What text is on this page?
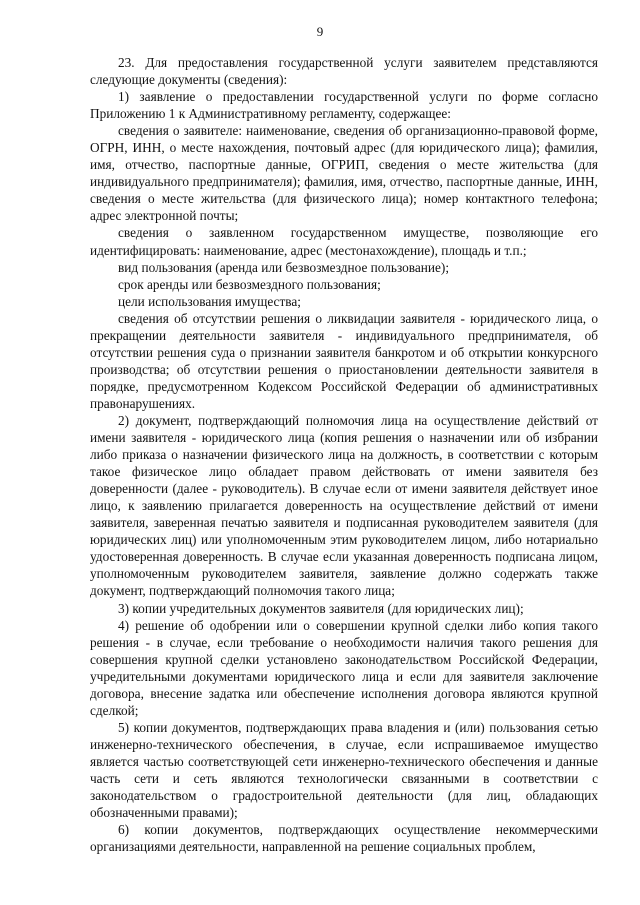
9

23. Для предоставления государственной услуги заявителем представляются следующие документы (сведения):

1) заявление о предоставлении государственной услуги по форме согласно Приложению 1 к Административному регламенту, содержащее:

сведения о заявителе: наименование, сведения об организационно-правовой форме, ОГРН, ИНН, о месте нахождения, почтовый адрес (для юридического лица); фамилия, имя, отчество, паспортные данные, ОГРИП, сведения о месте жительства (для индивидуального предпринимателя); фамилия, имя, отчество, паспортные данные, ИНН, сведения о месте жительства (для физического лица); номер контактного телефона; адрес электронной почты;

сведения о заявленном государственном имуществе, позволяющие его идентифицировать: наименование, адрес (местонахождение), площадь и т.п.;

вид пользования (аренда или безвозмездное пользование);

срок аренды или безвозмездного пользования;

цели использования имущества;

сведения об отсутствии решения о ликвидации заявителя - юридического лица, о прекращении деятельности заявителя - индивидуального предпринимателя, об отсутствии решения суда о признании заявителя банкротом и об открытии конкурсного производства; об отсутствии решения о приостановлении деятельности заявителя в порядке, предусмотренном Кодексом Российской Федерации об административных правонарушениях.

2) документ, подтверждающий полномочия лица на осуществление действий от имени заявителя - юридического лица (копия решения о назначении или об избрании либо приказа о назначении физического лица на должность, в соответствии с которым такое физическое лицо обладает правом действовать от имени заявителя без доверенности (далее - руководитель). В случае если от имени заявителя действует иное лицо, к заявлению прилагается доверенность на осуществление действий от имени заявителя, заверенная печатью заявителя и подписанная руководителем заявителя (для юридических лиц) или уполномоченным этим руководителем лицом, либо нотариально удостоверенная доверенность. В случае если указанная доверенность подписана лицом, уполномоченным руководителем заявителя, заявление должно содержать также документ, подтверждающий полномочия такого лица;

3) копии учредительных документов заявителя (для юридических лиц);

4) решение об одобрении или о совершении крупной сделки либо копия такого решения - в случае, если требование о необходимости наличия такого решения для совершения крупной сделки установлено законодательством Российской Федерации, учредительными документами юридического лица и если для заявителя заключение договора, внесение задатка или обеспечение исполнения договора являются крупной сделкой;

5) копии документов, подтверждающих права владения и (или) пользования сетью инженерно-технического обеспечения, в случае, если испрашиваемое имущество является частью соответствующей сети инженерно-технического обеспечения и данные часть сети и сеть являются технологически связанными в соответствии с законодательством о градостроительной деятельности (для лиц, обладающих обозначенными правами);

6) копии документов, подтверждающих осуществление некоммерческими организациями деятельности, направленной на решение социальных проблем,
